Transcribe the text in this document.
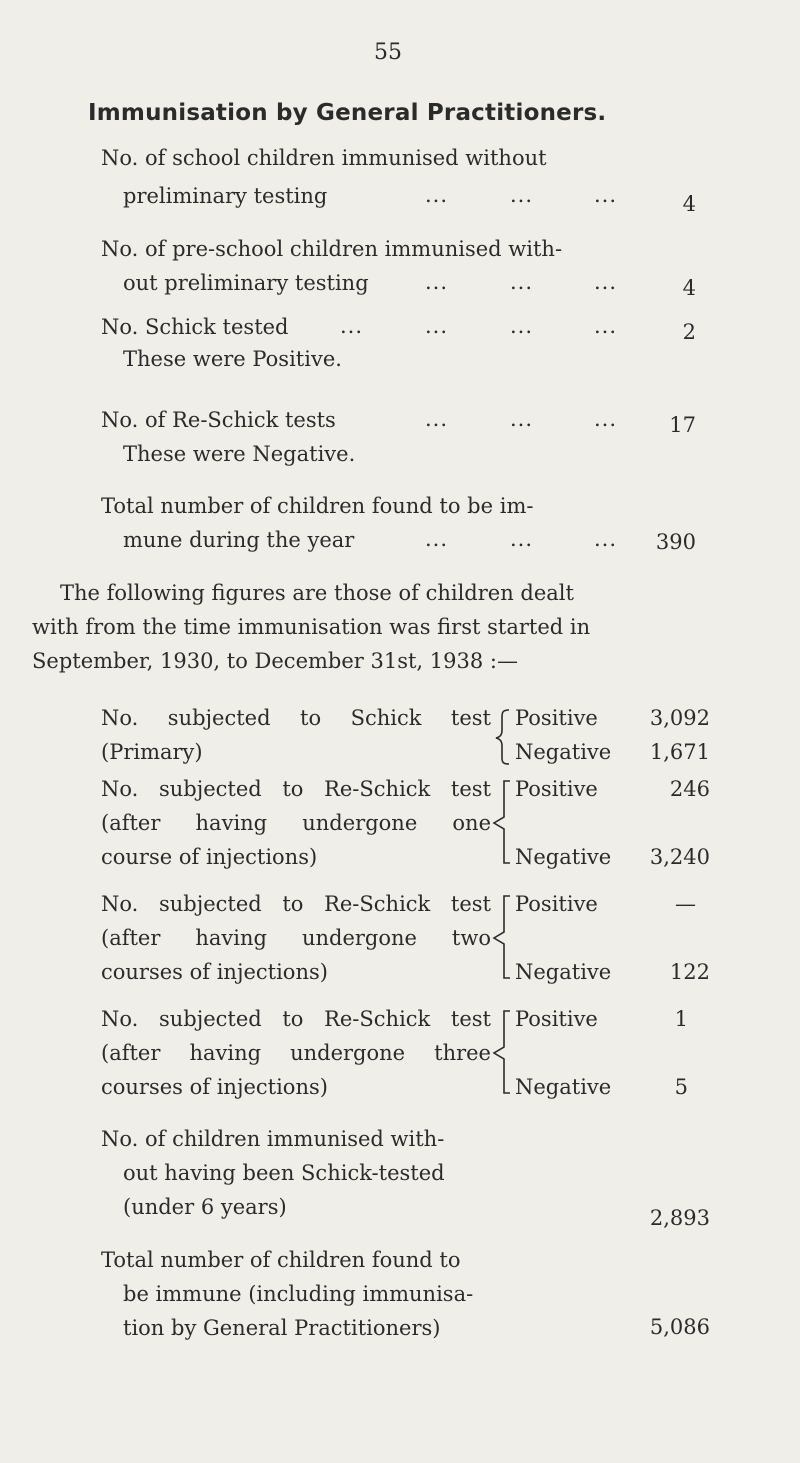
55
Immunisation by General Practitioners.
No. of school children immunised without
preliminary testing	...	...	...	4
No. of pre-school children immunised with-
out preliminary testing	...	...	...	4
No. Schick tested ...	...	...	...	2
These were Positive.
No. of Re-Schick tests	...	...	... 17
These were Negative.
Total number of children found to be im-
mune during the year	...	...	... 390
The following figures are those of children dealt
with from the time immunisation was first started in
September, 1930, to December 31st, 1938 :—
No. subjected to Schick test
(Primary)
Positive 3,092
Negative 1,671
No. subjected to Re-Schick test
(after having undergone one
course of injections)
Positive	246
Negative 3,240
No. subjected to Re-Schick test
(after having undergone two
courses of injections)
Positive	—
Negative	122
No. subjected to Re-Schick test
(after having undergone three
courses of injections)
Positive	1
Negative	5
No. of children immunised with-
out having been Schick-tested
(under 6 years)	2,893
Total number of children found to
be immune (including immunisa-
tion by General Practitioners)	5,086
